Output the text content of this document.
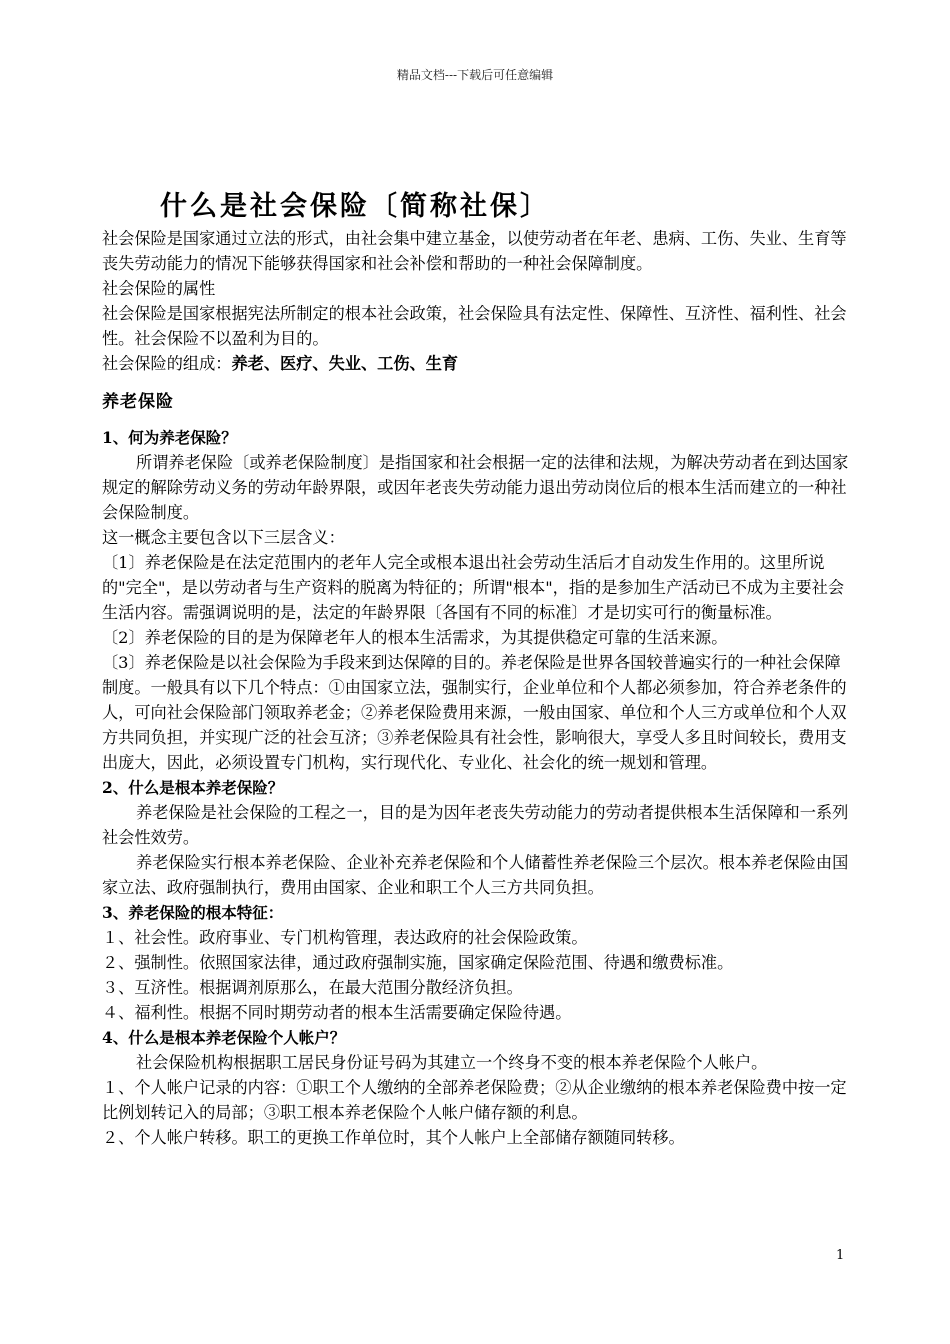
精品文档---下载后可任意编辑
什么是社会保险〔简称社保〕

社会保险是国家通过立法的形式，由社会集中建立基金，以使劳动者在年老、患病、工伤、失业、生育等丧失劳动能力的情况下能够获得国家和社会补偿和帮助的一种社会保障制度。

社会保险的属性

社会保险是国家根据宪法所制定的根本社会政策，社会保险具有法定性、保障性、互济性、福利性、社会性。社会保险不以盈利为目的。

社会保险的组成：养老、医疗、失业、工伤、生育

养老保险

1、何为养老保险？

所谓养老保险〔或养老保险制度〕是指国家和社会根据一定的法律和法规，为解决劳动者在到达国家规定的解除劳动义务的劳动年龄界限，或因年老丧失劳动能力退出劳动岗位后的根本生活而建立的一种社会保险制度。

这一概念主要包含以下三层含义：

〔1〕养老保险是在法定范围内的老年人完全或根本退出社会劳动生活后才自动发生作用的。这里所说的"完全"，是以劳动者与生产资料的脱离为特征的；所谓"根本"，指的是参加生产活动已不成为主要社会生活内容。需强调说明的是，法定的年龄界限〔各国有不同的标准〕才是切实可行的衡量标准。

〔2〕养老保险的目的是为保障老年人的根本生活需求，为其提供稳定可靠的生活来源。

〔3〕养老保险是以社会保险为手段来到达保障的目的。养老保险是世界各国较普遍实行的一种社会保障制度。一般具有以下几个特点：①由国家立法，强制实行，企业单位和个人都必须参加，符合养老条件的人，可向社会保险部门领取养老金；②养老保险费用来源，一般由国家、单位和个人三方或单位和个人双方共同负担，并实现广泛的社会互济；③养老保险具有社会性，影响很大，享受人多且时间较长，费用支出庞大，因此，必须设置专门机构，实行现代化、专业化、社会化的统一规划和管理。

2、什么是根本养老保险？

养老保险是社会保险的工程之一，目的是为因年老丧失劳动能力的劳动者提供根本生活保障和一系列社会性效劳。

养老保险实行根本养老保险、企业补充养老保险和个人储蓄性养老保险三个层次。根本养老保险由国家立法、政府强制执行，费用由国家、企业和职工个人三方共同负担。

3、养老保险的根本特征：

１、社会性。政府事业、专门机构管理，表达政府的社会保险政策。

２、强制性。依照国家法律，通过政府强制实施，国家确定保险范围、待遇和缴费标准。

３、互济性。根据调剂原那么，在最大范围分散经济负担。

４、福利性。根据不同时期劳动者的根本生活需要确定保险待遇。

4、什么是根本养老保险个人帐户？

社会保险机构根据职工居民身份证号码为其建立一个终身不变的根本养老保险个人帐户。

１、个人帐户记录的内容：①职工个人缴纳的全部养老保险费；②从企业缴纳的根本养老保险费中按一定比例划转记入的局部；③职工根本养老保险个人帐户储存额的利息。

２、个人帐户转移。职工的更换工作单位时，其个人帐户上全部储存额随同转移。

1
